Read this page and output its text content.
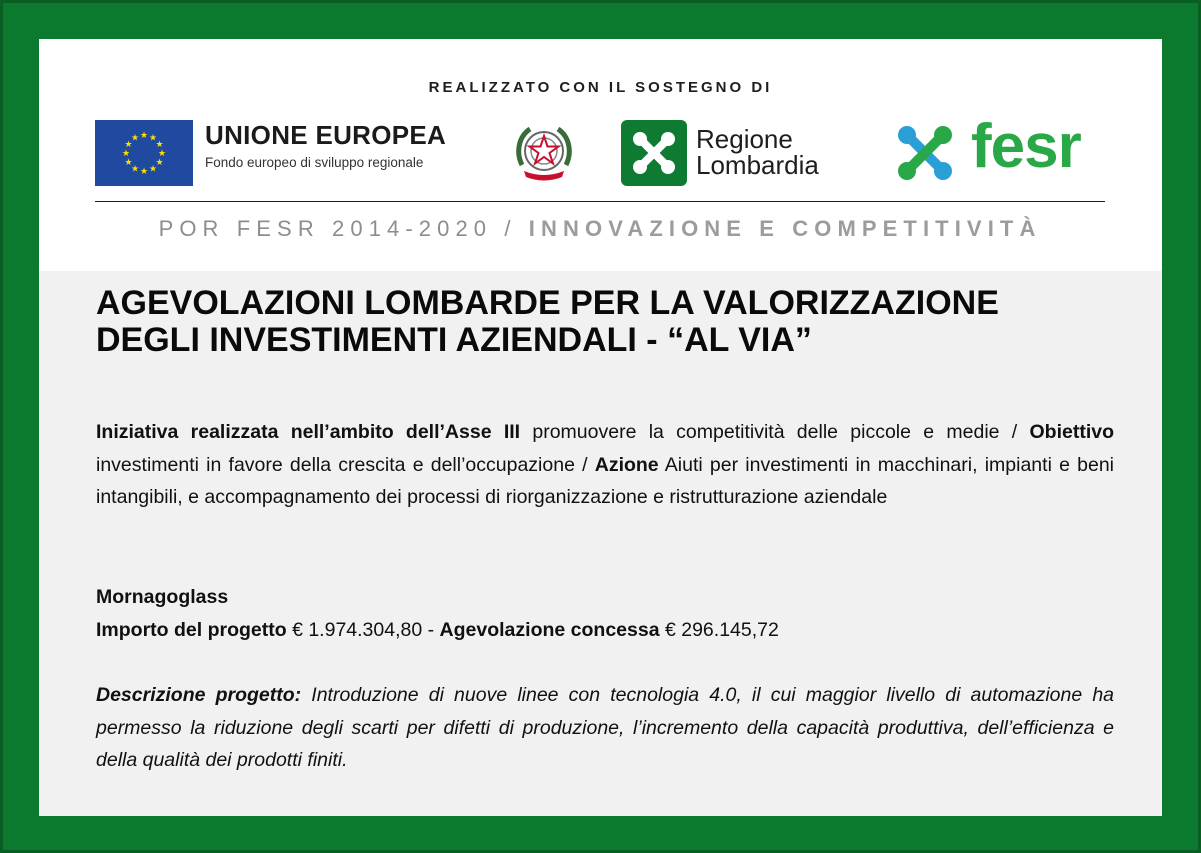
REALIZZATO CON IL SOSTEGNO DI
★ ★
★
★
★
★
★
★
★
★
★
★	UNIONE EUROPEA
Fondo europeo di sviluppo regionale
Regione
Lombardia fesr
POR FESR 2014-2020 / INNOVAZIONE E COMPETITIVITÀ
AGEVOLAZIONI LOMBARDE PER LA VALORIZZAZIONE
DEGLI INVESTIMENTI AZIENDALI - “AL VIA”
Iniziativa realizzata nell’ambito dell’Asse III promuovere la competitività delle piccole e medie / Obiettivo investimenti in favore della crescita e dell’occupazione / Azione Aiuti per investimenti in macchinari, impianti e beni intangibili, e accompagnamento dei processi di riorganizzazione e ristrutturazione aziendale
Mornagoglass
Importo del progetto € 1.974.304,80 - Agevolazione concessa € 296.145,72
Descrizione progetto: Introduzione di nuove linee con tecnologia 4.0, il cui maggior livello di automazione ha permesso la riduzione degli scarti per difetti di produzione, l’incremento della capacità produttiva, dell’efficienza e della qualità dei prodotti finiti.
